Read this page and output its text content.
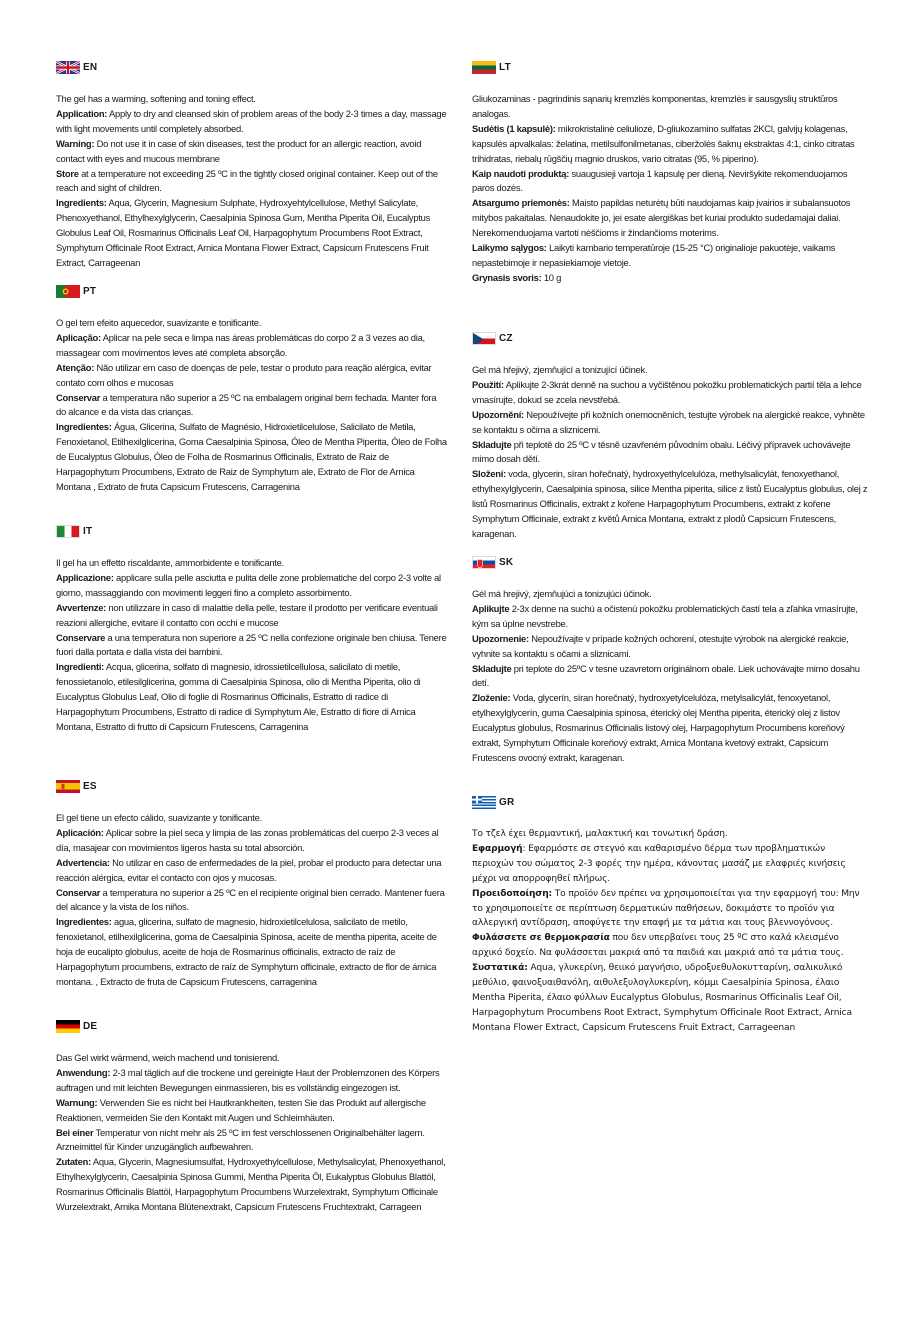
EN

The gel has a warming, softening and toning effect.

Application: Apply to dry and cleansed skin of problem areas of the body 2-3 times a day, massage with light movements until completely absorbed.

Warning: Do not use it in case of skin diseases, test the product for an allergic reaction, avoid contact with eyes and mucous membrane

Store at a temperature not exceeding 25 ºC in the tightly closed original container. Keep out of the reach and sight of children.

Ingredients: Aqua, Glycerin, Magnesium Sulphate, Hydroxyehtylcellulose, Methyl Salicylate, Phenoxyethanol, Ethylhexylglycerin, Caesalpinia Spinosa Gum, Mentha Piperita Oil, Eucalyptus Globulus Leaf Oil, Rosmarinus Officinalis Leaf Oil, Harpagophytum Procumbens Root Extract, Symphytum Officinale Root Extract, Arnica Montana Flower Extract, Capsicum Frutescens Fruit Extract, Carrageenan

PT

O gel tem efeito aquecedor, suavizante e tonificante.

Aplicação: Aplicar na pele seca e limpa nas áreas problemáticas do corpo 2 a 3 vezes ao dia, massagear com movimentos leves até completa absorção.

Atenção: Não utilizar em caso de doenças de pele, testar o produto para reação alérgica, evitar contato com olhos e mucosas

Conservar a temperatura não superior a 25 ºC na embalagem original bem fechada. Manter fora do alcance e da vista das crianças.

Ingredientes: Água, Glicerina, Sulfato de Magnésio, Hidroxietilcelulose, Salicilato de Metila, Fenoxietanol, Etilhexilglicerina, Goma Caesalpinia Spinosa, Óleo de Mentha Piperita, Óleo de Folha de Eucalyptus Globulus, Óleo de Folha de Rosmarinus Officinalis, Extrato de Raiz de Harpagophytum Procumbens, Extrato de Raiz de Symphytum ale, Extrato de Flor de Arnica Montana , Extrato de fruta Capsicum Frutescens, Carragenina

IT

Il gel ha un effetto riscaldante, ammorbidente e tonificante.

Applicazione: applicare sulla pelle asciutta e pulita delle zone problematiche del corpo 2-3 volte al giorno, massaggiando con movimenti leggeri fino a completo assorbimento.

Avvertenze: non utilizzare in caso di malattie della pelle, testare il prodotto per verificare eventuali reazioni allergiche, evitare il contatto con occhi e mucose

Conservare a una temperatura non superiore a 25 ºC nella confezione originale ben chiusa. Tenere fuori dalla portata e dalla vista dei bambini.

Ingredienti: Acqua, glicerina, solfato di magnesio, idrossietilcellulosa, salicilato di metile, fenossietanolo, etilesilglicerina, gomma di Caesalpinia Spinosa, olio di Mentha Piperita, olio di Eucalyptus Globulus Leaf, Olio di foglie di Rosmarinus Officinalis, Estratto di radice di Harpagophytum Procumbens, Estratto di radice di Symphytum Ale, Estratto di fiore di Arnica Montana, Estratto di frutto di Capsicum Frutescens, Carragenina

ES

El gel tiene un efecto cálido, suavizante y tonificante.

Aplicación: Aplicar sobre la piel seca y limpia de las zonas problemáticas del cuerpo 2-3 veces al día, masajear con movimientos ligeros hasta su total absorción.

Advertencia: No utilizar en caso de enfermedades de la piel, probar el producto para detectar una reacción alérgica, evitar el contacto con ojos y mucosas.

Conservar a temperatura no superior a 25 ºC en el recipiente original bien cerrado. Mantener fuera del alcance y la vista de los niños.

Ingredientes: agua, glicerina, sulfato de magnesio, hidroxietilcelulosa, salicilato de metilo, fenoxietanol, etilhexilglicerina, goma de Caesalpinia Spinosa, aceite de mentha piperita, aceite de hoja de eucalipto globulus, aceite de hoja de Rosmarinus officinalis, extracto de raíz de Harpagophytum procumbens, extracto de raíz de Symphytum officinale, extracto de flor de árnica montana. , Extracto de fruta de Capsicum Frutescens, carragenina

DE

Das Gel wirkt wärmend, weich machend und tonisierend.

Anwendung: 2-3 mal täglich auf die trockene und gereinigte Haut der Problemzonen des Körpers auftragen und mit leichten Bewegungen einmassieren, bis es vollständig eingezogen ist.

Warnung: Verwenden Sie es nicht bei Hautkrankheiten, testen Sie das Produkt auf allergische Reaktionen, vermeiden Sie den Kontakt mit Augen und Schleimhäuten.

Bei einer Temperatur von nicht mehr als 25 ºC im fest verschlossenen Originalbehälter lagern. Arzneimittel für Kinder unzugänglich aufbewahren.

Zutaten: Aqua, Glycerin, Magnesiumsulfat, Hydroxyethylcellulose, Methylsalicylat, Phenoxyethanol, Ethylhexylglycerin, Caesalpinia Spinosa Gummi, Mentha Piperita Öl, Eukalyptus Globulus Blattöl, Rosmarinus Officinalis Blattöl, Harpagophytum Procumbens Wurzelextrakt, Symphytum Officinale Wurzelextrakt, Arnika Montana Blütenextrakt, Capsicum Frutescens Fruchtextrakt, Carrageen

LT

Gliukozaminas - pagrindinis sąnarių kremzlės komponentas, kremzlės ir sausgyslių struktūros analogas.

Sudėtis (1 kapsulė): mikrokristalinė celiuliozė, D-gliukozamino sulfatas 2KCl, galvijų kolagenas, kapsulės apvalkalas: želatina, metilsulfonilmetanas, ciberžolės šaknų ekstraktas 4:1, cinko citratas trihidratas, riebalų rūgščių magnio druskos, vario citratas (95, % piperino).

Kaip naudoti produktą: suaugusieji vartoja 1 kapsulę per dieną. Neviršykite rekomenduojamos paros dozės.

Atsargumo priemonės: Maisto papildas neturėtų būti naudojamas kaip įvairios ir subalansuotos mitybos pakaitalas. Nenaudokite jo, jei esate alergiškas bet kuriai produkto sudedamajai daliai. Nerekomenduojama vartoti nėščioms ir žindančioms moterims.

Laikymo sąlygos: Laikyti kambario temperatūroje (15-25 °C) originalioje pakuotėje, vaikams nepastebimoje ir nepasiekiamoje vietoje.

Grynasis svoris: 10 g

CZ

Gel má hřejivý, zjemňující a tonizující účinek.

Použití: Aplikujte 2-3krát denně na suchou a vyčištěnou pokožku problematických partií těla a lehce vmasírujte, dokud se zcela nevstřebá.

Upozornění: Nepoužívejte při kožních onemocněních, testujte výrobek na alergické reakce, vyhněte se kontaktu s očima a sliznicemi.

Skladujte při teplotě do 25 ºC v těsně uzavřeném původním obalu. Léčivý přípravek uchovávejte mimo dosah dětí.

Složení: voda, glycerin, síran hořečnatý, hydroxyethylcelulóza, methylsalicylát, fenoxyethanol, ethylhexylglycerin, Caesalpinia spinosa, silice Mentha piperita, silice z listů Eucalyptus globulus, olej z listů Rosmarinus Officinalis, extrakt z kořene Harpagophytum Procumbens, extrakt z kořene Symphytum Officinale, extrakt z květů Arnica Montana, extrakt z plodů Capsicum Frutescens, karagenan.

SK

Gél má hrejivý, zjemňujúci a tonizujúci účinok.

Aplikujte 2-3x denne na suchú a očistenú pokožku problematických častí tela a zľahka vmasírujte, kým sa úplne nevstrebe.

Upozornenie: Nepoužívajte v prípade kožných ochorení, otestujte výrobok na alergické reakcie, vyhnite sa kontaktu s očami a sliznicami.

Skladujte pri teplote do 25ºC v tesne uzavretom originálnom obale. Liek uchovávajte mimo dosahu detí.

Zloženie: Voda, glycerín, síran horečnatý, hydroxyetylcelulóza, metylsalicylát, fenoxyetanol, etylhexylglycerín, guma Caesalpinia spinosa, éterický olej Mentha piperita, éterický olej z listov Eucalyptus globulus, Rosmarinus Officinalis listový olej, Harpagophytum Procumbens koreňový extrakt, Symphytum Officinale koreňový extrakt, Arnica Montana kvetový extrakt, Capsicum Frutescens ovocný extrakt, karagenan.

GR

Το τζελ έχει θερμαντική, μαλακτική και τονωτική δράση.

Εφαρμογή: Εφαρμόστε σε στεγνό και καθαρισμένο δέρμα των προβληματικών περιοχών του σώματος 2-3 φορές την ημέρα, κάνοντας μασάζ με ελαφριές κινήσεις μέχρι να απορροφηθεί πλήρως.

Προειδοποίηση: Το προϊόν δεν πρέπει να χρησιμοποιείται για την εφαρμογή του: Μην το χρησιμοποιείτε σε περίπτωση δερματικών παθήσεων, δοκιμάστε το προϊόν για αλλεργική αντίδραση, αποφύγετε την επαφή με τα μάτια και τους βλεννογόνους.

Φυλάσσετε σε θερμοκρασία που δεν υπερβαίνει τους 25 ºC στο καλά κλεισμένο αρχικό δοχείο. Να φυλάσσεται μακριά από τα παιδιά και μακριά από τα μάτια τους.

Συστατικά: Aqua, γλυκερίνη, θειικό μαγνήσιο, υδροξυεθυλοκυτταρίνη, σαλικυλικό μεθύλιο, φαινοξυαιθανόλη, αιθυλεξυλογλυκερίνη, κόμμι Caesalpinia Spinosa, έλαιο Mentha Piperita, έλαιο φύλλων Eucalyptus Globulus, Rosmarinus Officinalis Leaf Oil, Harpagophytum Procumbens Root Extract, Symphytum Officinale Root Extract, Arnica Montana Flower Extract, Capsicum Frutescens Fruit Extract, Carrageenan
